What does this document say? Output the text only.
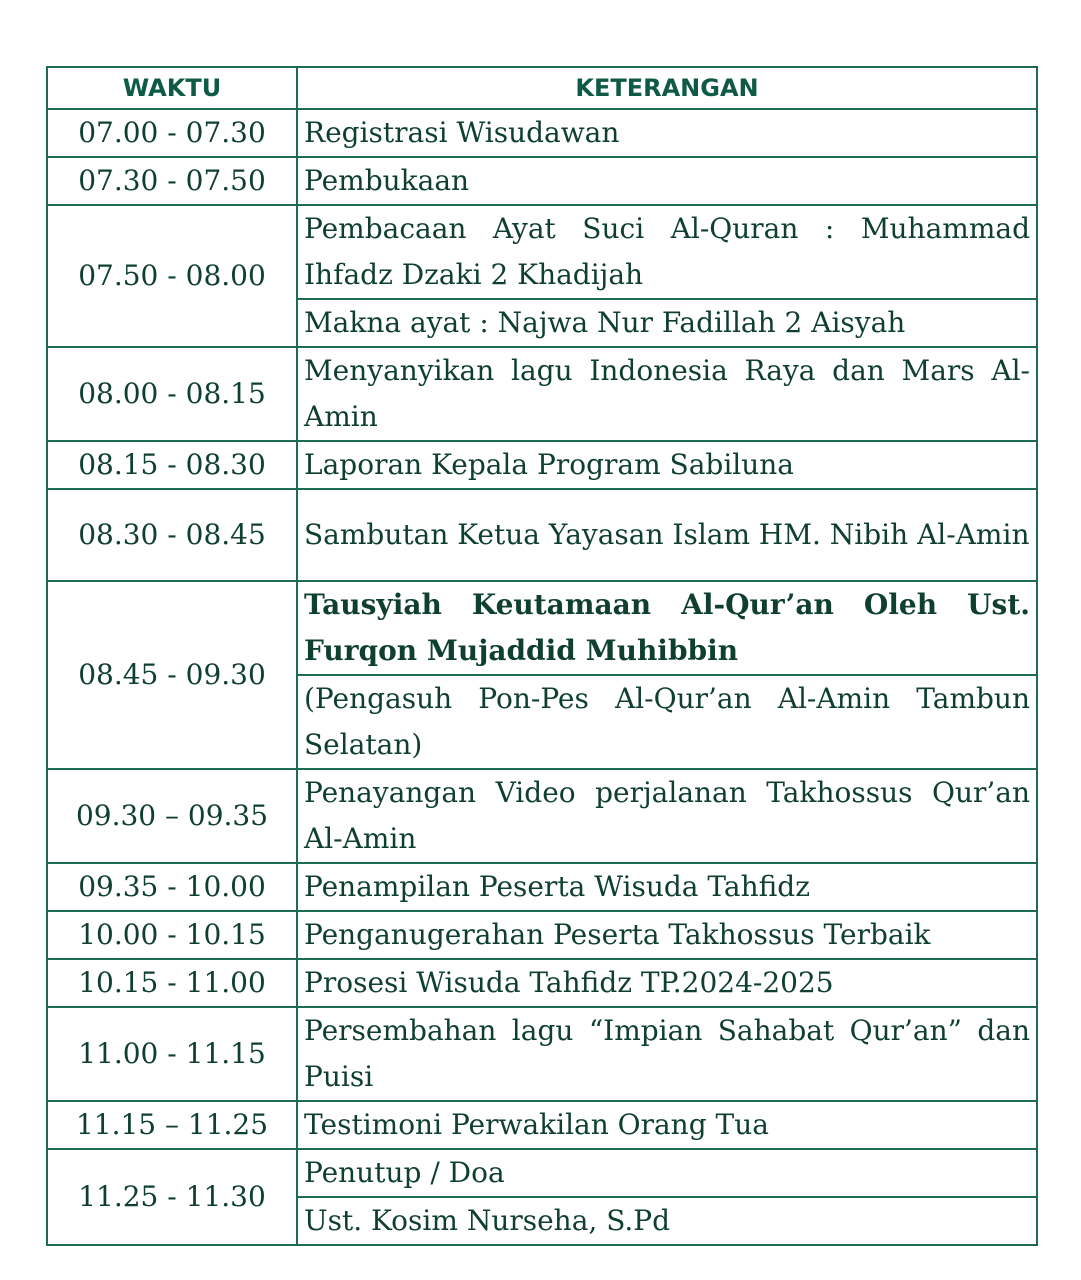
WAKTU	KETERANGAN
07.00 - 07.30	Registrasi Wisudawan
07.30 - 07.50	Pembukaan
07.50 - 08.00	Pembacaan Ayat Suci Al-Quran : Muhammad Ihfadz Dzaki 2 Khadijah
	Makna ayat : Najwa Nur Fadillah 2 Aisyah
08.00 - 08.15	Menyanyikan lagu Indonesia Raya dan Mars Al-Amin
08.15 - 08.30	Laporan Kepala Program Sabiluna
08.30 - 08.45	Sambutan Ketua Yayasan Islam HM. Nibih Al-Amin
08.45 - 09.30	Tausyiah Keutamaan Al-Qur’an Oleh Ust. Furqon Mujaddid Muhibbin
	(Pengasuh Pon-Pes Al-Qur’an Al-Amin Tambun Selatan)
09.30 – 09.35	Penayangan Video perjalanan Takhossus Qur’an Al-Amin
09.35 - 10.00	Penampilan Peserta Wisuda Tahfidz
10.00 - 10.15	Penganugerahan Peserta Takhossus Terbaik
10.15 - 11.00	Prosesi Wisuda Tahfidz TP.2024-2025
11.00 - 11.15	Persembahan lagu “Impian Sahabat Qur’an” dan Puisi
11.15 – 11.25	Testimoni Perwakilan Orang Tua
11.25 - 11.30	Penutup / Doa
	Ust. Kosim Nurseha, S.Pd
